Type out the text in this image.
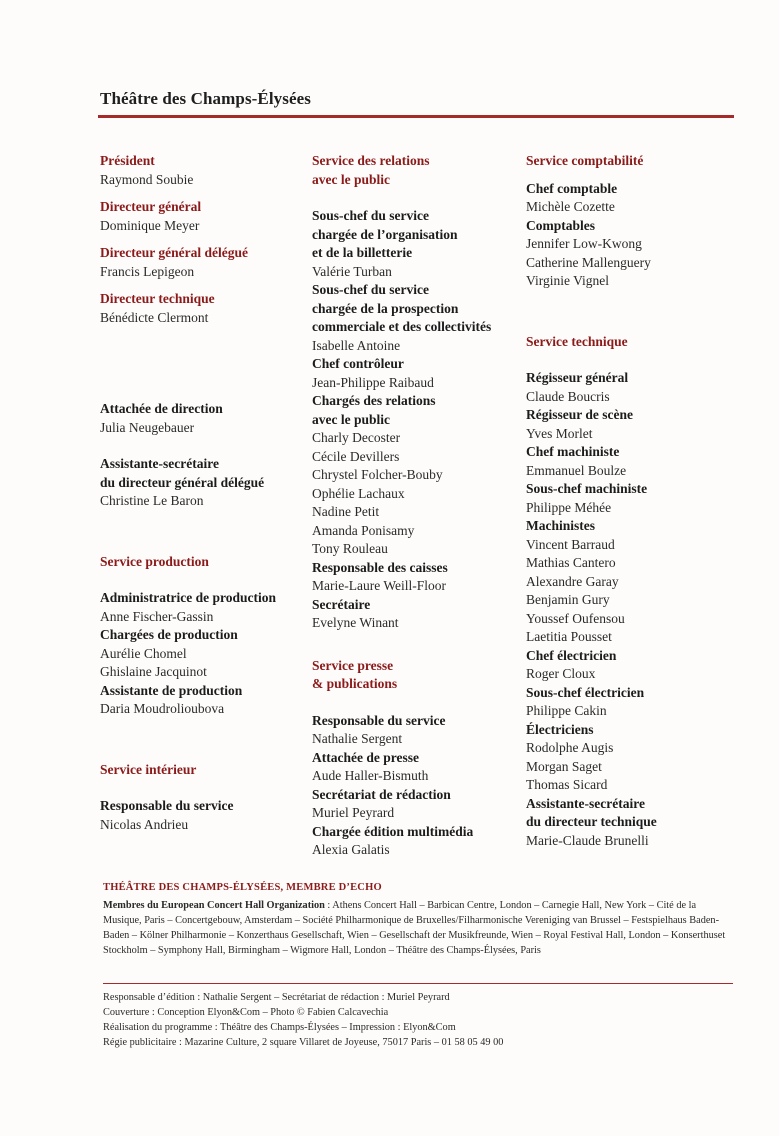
Théâtre des Champs-Élysées
Président
Raymond Soubie
Directeur général
Dominique Meyer
Directeur général délégué
Francis Lepigeon
Directeur technique
Bénédicte Clermont
Attachée de direction
Julia Neugebauer
Assistante-secrétaire
du directeur général délégué
Christine Le Baron
Service production
Administratrice de production
Anne Fischer-Gassin
Chargées de production
Aurélie Chomel
Ghislaine Jacquinot
Assistante de production
Daria Moudrolioubova
Service intérieur
Responsable du service
Nicolas Andrieu
Service des relations
avec le public
Sous-chef du service
chargée de l’organisation
et de la billetterie
Valérie Turban
Sous-chef du service
chargée de la prospection
commerciale et des collectivités
Isabelle Antoine
Chef contrôleur
Jean-Philippe Raibaud
Chargés des relations
avec le public
Charly Decoster
Cécile Devillers
Chrystel Folcher-Bouby
Ophélie Lachaux
Nadine Petit
Amanda Ponisamy
Tony Rouleau
Responsable des caisses
Marie-Laure Weill-Floor
Secrétaire
Evelyne Winant
Service presse
& publications
Responsable du service
Nathalie Sergent
Attachée de presse
Aude Haller-Bismuth
Secrétariat de rédaction
Muriel Peyrard
Chargée édition multimédia
Alexia Galatis
Service comptabilité
Chef comptable
Michèle Cozette
Comptables
Jennifer Low-Kwong
Catherine Mallenguery
Virginie Vignel
Service technique
Régisseur général
Claude Boucris
Régisseur de scène
Yves Morlet
Chef machiniste
Emmanuel Boulze
Sous-chef machiniste
Philippe Méhée
Machinistes
Vincent Barraud
Mathias Cantero
Alexandre Garay
Benjamin Gury
Youssef Oufensou
Laetitia Pousset
Chef électricien
Roger Cloux
Sous-chef électricien
Philippe Cakin
Électriciens
Rodolphe Augis
Morgan Saget
Thomas Sicard
Assistante-secrétaire
du directeur technique
Marie-Claude Brunelli
THÉÂTRE DES CHAMPS-ÉLYSÉES, MEMBRE D’ECHO
Membres du European Concert Hall Organization : Athens Concert Hall – Barbican Centre, London – Carnegie Hall, New York – Cité de la Musique, Paris – Concertgebouw, Amsterdam – Société Philharmonique de Bruxelles/Filharmonische Vereniging van Brussel – Festspielhaus Baden-Baden – Kölner Philharmonie – Konzerthaus Gesellschaft, Wien – Gesellschaft der Musikfreunde, Wien – Royal Festival Hall, London – Konserthuset Stockholm – Symphony Hall, Birmingham – Wigmore Hall, London – Théâtre des Champs-Élysées, Paris
Responsable d’édition : Nathalie Sergent – Secrétariat de rédaction : Muriel Peyrard
Couverture : Conception Elyon&Com – Photo © Fabien Calcavechia
Réalisation du programme : Théâtre des Champs-Élysées – Impression : Elyon&Com
Régie publicitaire : Mazarine Culture, 2 square Villaret de Joyeuse, 75017 Paris – 01 58 05 49 00
